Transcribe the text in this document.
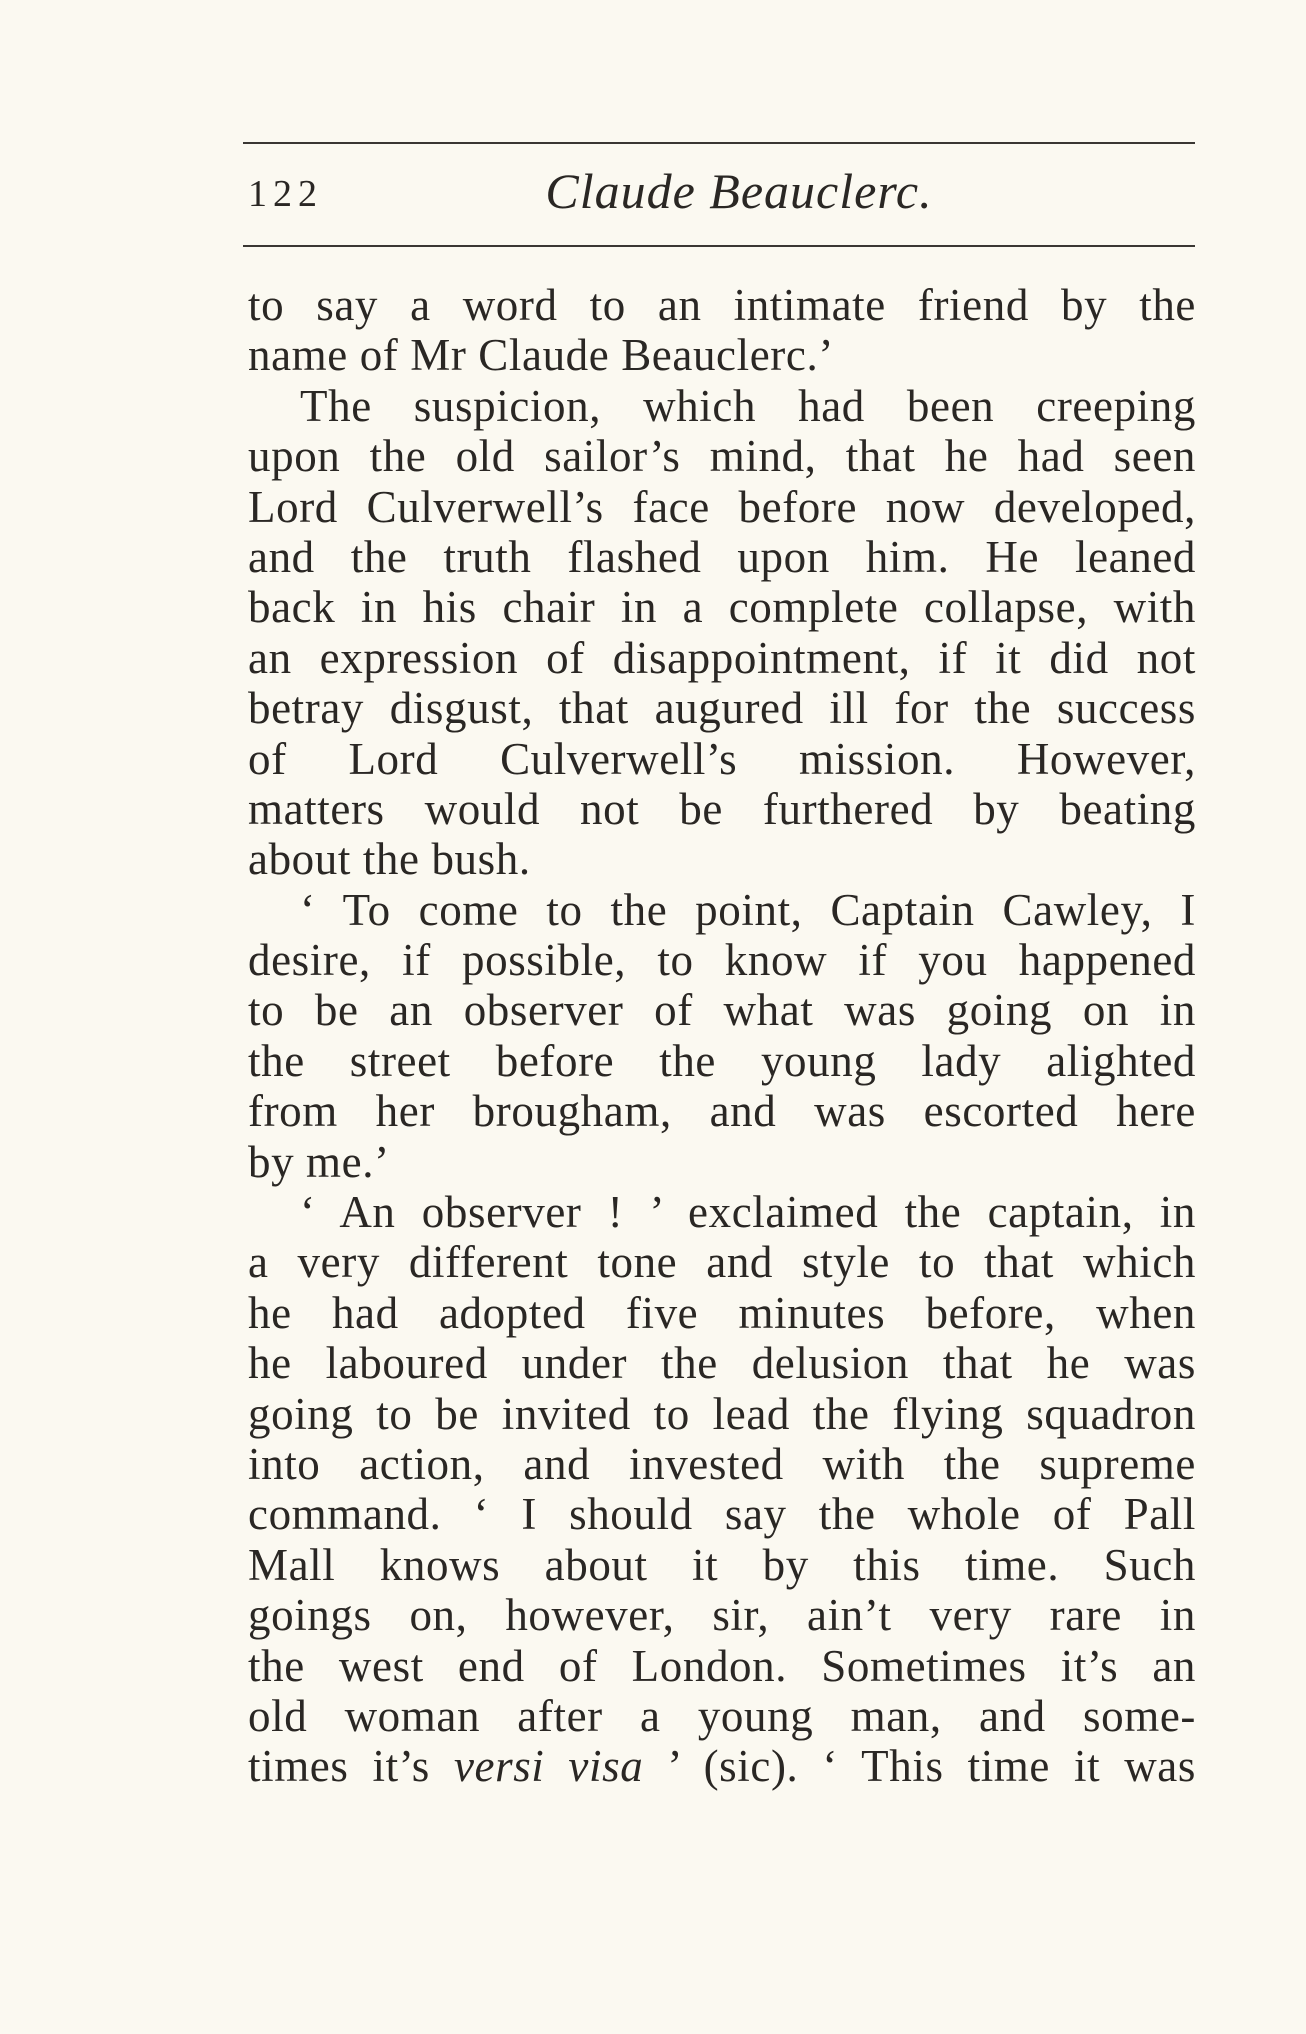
122	Claude Beauclerc.
to say a word to an intimate friend by the
name of Mr Claude Beauclerc.’
The suspicion, which had been creeping
upon the old sailor’s mind, that he had seen
Lord Culverwell’s face before now developed,
and the truth flashed upon him. He leaned
back in his chair in a complete collapse, with
an expression of disappointment, if it did not
betray disgust, that augured ill for the success
of Lord Culverwell’s mission. However,
matters would not be furthered by beating
about the bush.
‘ To come to the point, Captain Cawley, I
desire, if possible, to know if you happened
to be an observer of what was going on in
the street before the young lady alighted
from her brougham, and was escorted here
by me.’
‘ An observer ! ’ exclaimed the captain, in
a very different tone and style to that which
he had adopted five minutes before, when
he laboured under the delusion that he was
going to be invited to lead the flying squadron
into action, and invested with the supreme
command. ‘ I should say the whole of Pall
Mall knows about it by this time. Such
goings on, however, sir, ain’t very rare in
the west end of London. Sometimes it’s an
old woman after a young man, and some-
times it’s versi visa ’ (sic). ‘ This time it was
